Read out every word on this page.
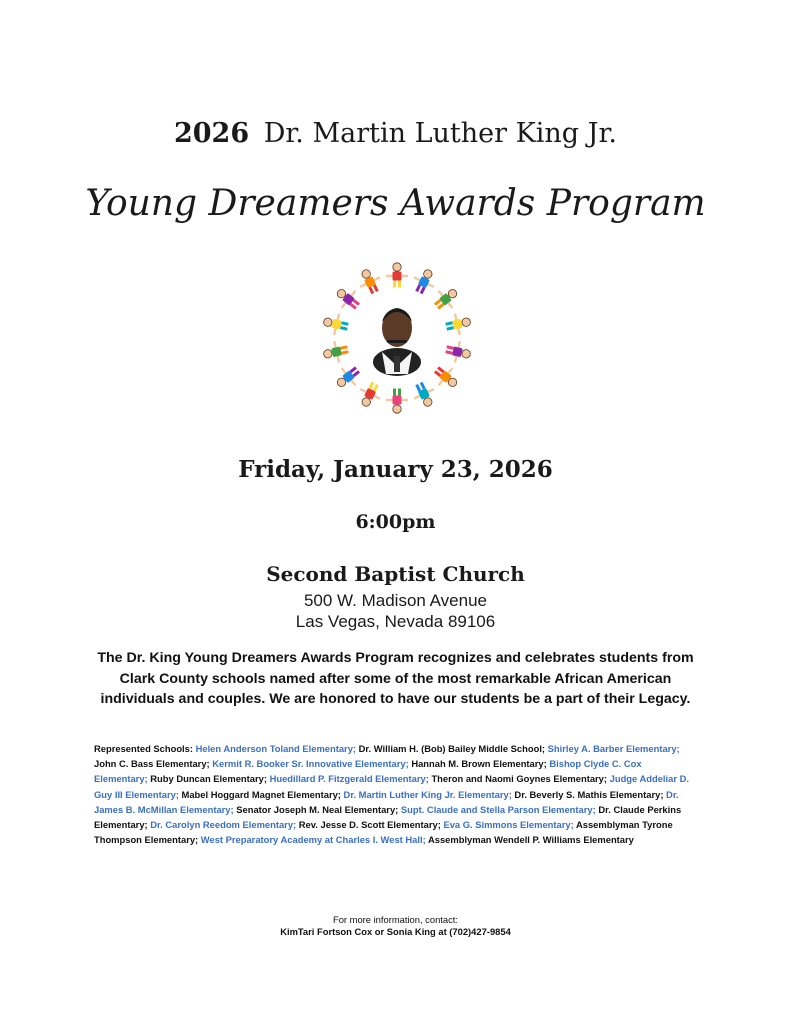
2026 Dr. Martin Luther King Jr.
Young Dreamers Awards Program
Friday, January 23, 2026
6:00pm
Second Baptist Church
500 W. Madison Avenue
Las Vegas, Nevada 89106
The Dr. King Young Dreamers Awards Program recognizes and celebrates students from Clark County schools named after some of the most remarkable African American individuals and couples. We are honored to have our students be a part of their Legacy.
Represented Schools: Helen Anderson Toland Elementary; Dr. William H. (Bob) Bailey Middle School; Shirley A. Barber Elementary; John C. Bass Elementary; Kermit R. Booker Sr. Innovative Elementary; Hannah M. Brown Elementary; Bishop Clyde C. Cox Elementary; Ruby Duncan Elementary; Huedillard P. Fitzgerald Elementary; Theron and Naomi Goynes Elementary; Judge Addeliar D. Guy III Elementary; Mabel Hoggard Magnet Elementary; Dr. Martin Luther King Jr. Elementary; Dr. Beverly S. Mathis Elementary; Dr. James B. McMillan Elementary; Senator Joseph M. Neal Elementary; Supt. Claude and Stella Parson Elementary; Dr. Claude Perkins Elementary; Dr. Carolyn Reedom Elementary; Rev. Jesse D. Scott Elementary; Eva G. Simmons Elementary; Assemblyman Tyrone Thompson Elementary; West Preparatory Academy at Charles I. West Hall; Assemblyman Wendell P. Williams Elementary
For more information, contact:
KimTari Fortson Cox or Sonia King at (702)427-9854
